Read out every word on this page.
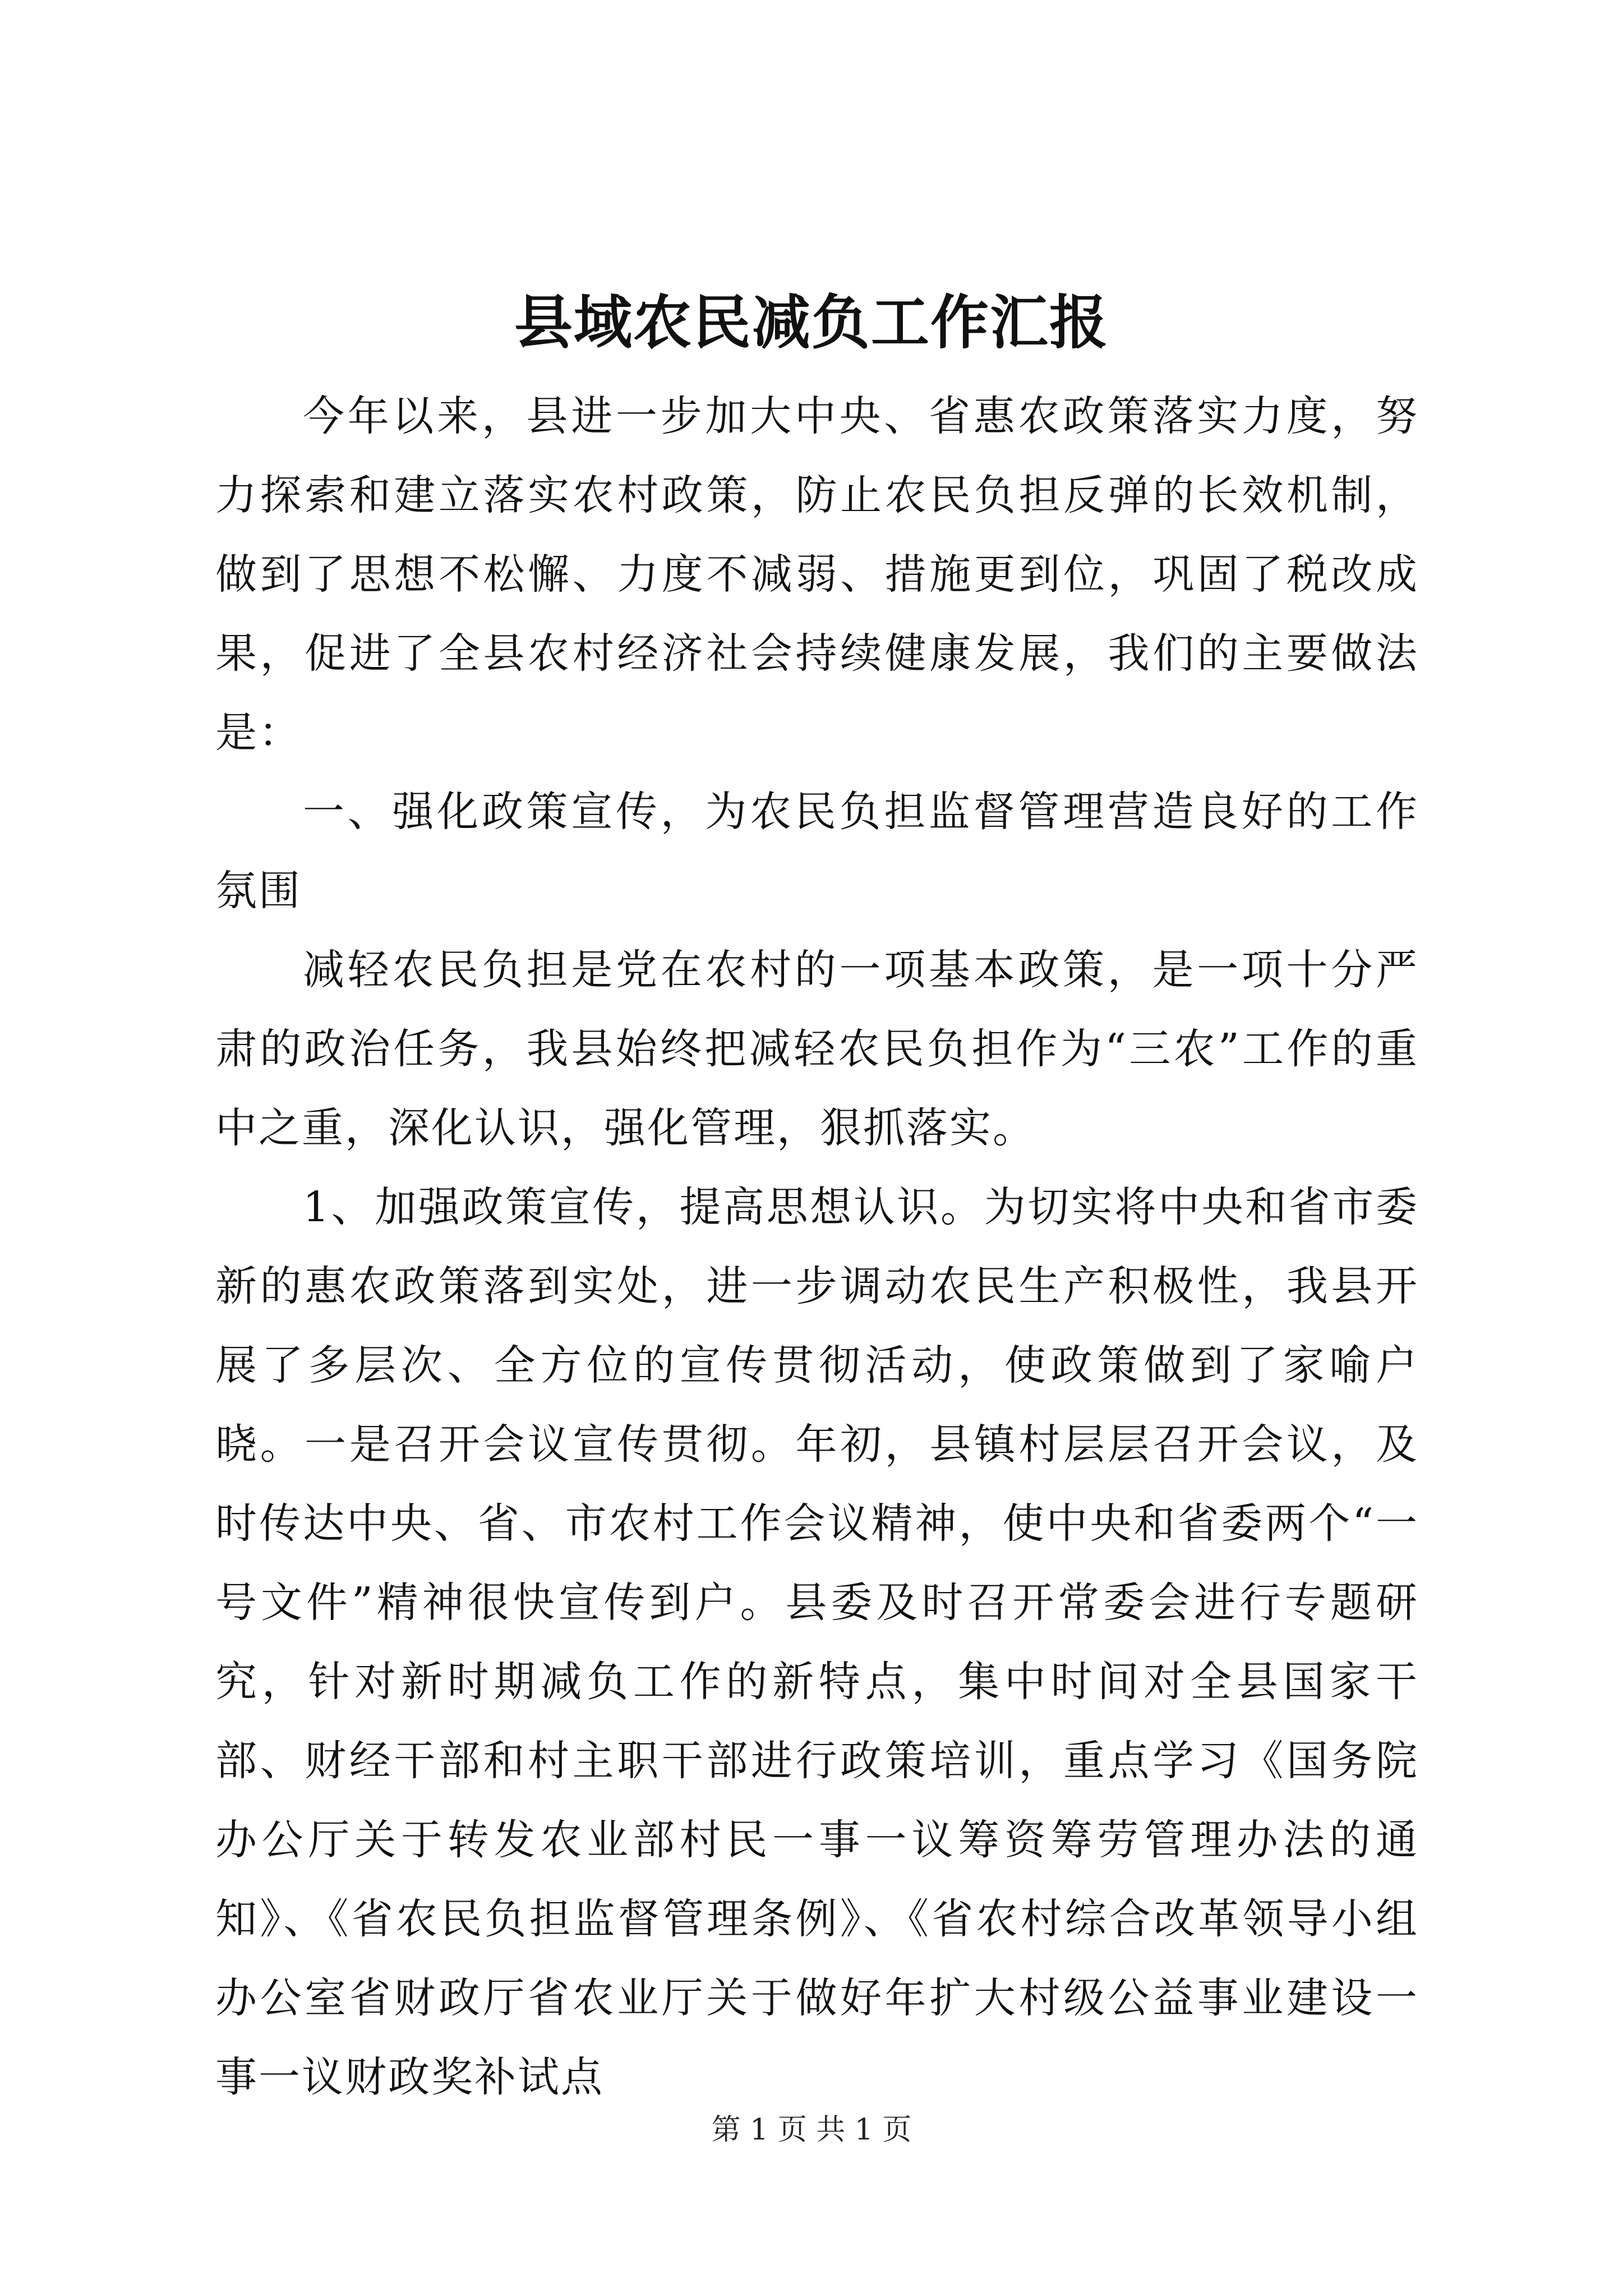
县域农民减负工作汇报

今年以来，县进一步加大中央、省惠农政策落实力度，努力探索和建立落实农村政策，防止农民负担反弹的长效机制，做到了思想不松懈、力度不减弱、措施更到位，巩固了税改成果，促进了全县农村经济社会持续健康发展，我们的主要做法是：

一、强化政策宣传，为农民负担监督管理营造良好的工作氛围

减轻农民负担是党在农村的一项基本政策，是一项十分严肃的政治任务，我县始终把减轻农民负担作为“三农”工作的重中之重，深化认识，强化管理，狠抓落实。

1、加强政策宣传，提高思想认识。为切实将中央和省市委新的惠农政策落到实处，进一步调动农民生产积极性，我县开展了多层次、全方位的宣传贯彻活动，使政策做到了家喻户晓。一是召开会议宣传贯彻。年初，县镇村层层召开会议，及时传达中央、省、市农村工作会议精神，使中央和省委两个“一号文件”精神很快宣传到户。县委及时召开常委会进行专题研究，针对新时期减负工作的新特点，集中时间对全县国家干部、财经干部和村主职干部进行政策培训，重点学习《国务院办公厅关于转发农业部村民一事一议筹资筹劳管理办法的通知》、《省农民负担监督管理条例》、《省农村综合改革领导小组办公室省财政厅省农业厅关于做好年扩大村级公益事业建设一事一议财政奖补试点

第 1 页 共 1 页
